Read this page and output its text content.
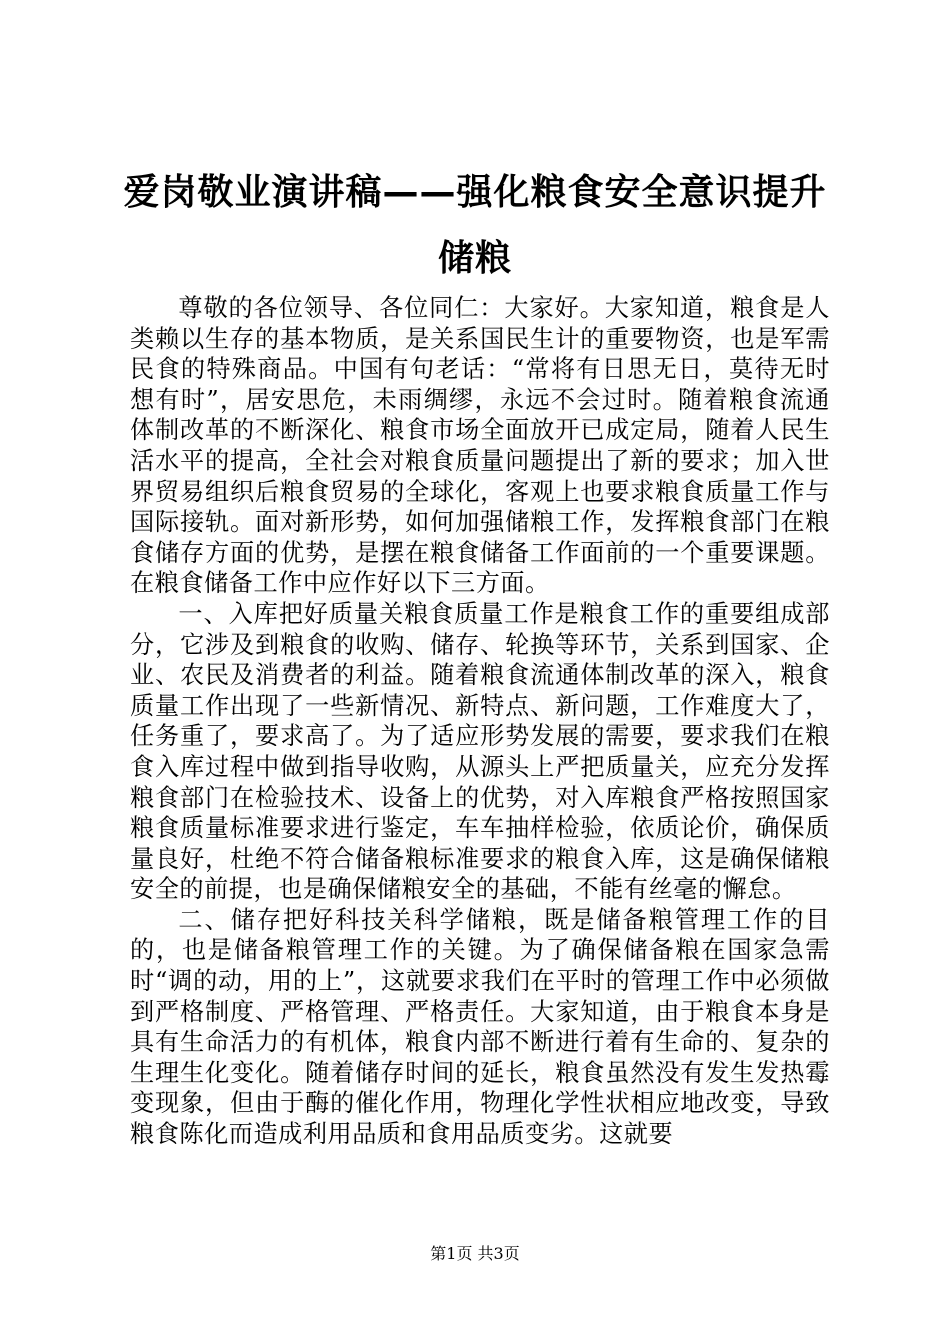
爱岗敬业演讲稿——强化粮食安全意识提升储粮

尊敬的各位领导、各位同仁：大家好。大家知道，粮食是人类赖以生存的基本物质，是关系国民生计的重要物资，也是军需民食的特殊商品。中国有句老话：“常将有日思无日，莫待无时想有时”，居安思危，未雨绸缪，永远不会过时。随着粮食流通体制改革的不断深化、粮食市场全面放开已成定局，随着人民生活水平的提高，全社会对粮食质量问题提出了新的要求；加入世界贸易组织后粮食贸易的全球化，客观上也要求粮食质量工作与国际接轨。面对新形势，如何加强储粮工作，发挥粮食部门在粮食储存方面的优势，是摆在粮食储备工作面前的一个重要课题。在粮食储备工作中应作好以下三方面。

一、入库把好质量关粮食质量工作是粮食工作的重要组成部分，它涉及到粮食的收购、储存、轮换等环节，关系到国家、企业、农民及消费者的利益。随着粮食流通体制改革的深入，粮食质量工作出现了一些新情况、新特点、新问题，工作难度大了，任务重了，要求高了。为了适应形势发展的需要，要求我们在粮食入库过程中做到指导收购，从源头上严把质量关，应充分发挥粮食部门在检验技术、设备上的优势，对入库粮食严格按照国家粮食质量标准要求进行鉴定，车车抽样检验，依质论价，确保质量良好，杜绝不符合储备粮标准要求的粮食入库，这是确保储粮安全的前提，也是确保储粮安全的基础，不能有丝毫的懈怠。

二、储存把好科技关科学储粮，既是储备粮管理工作的目的，也是储备粮管理工作的关键。为了确保储备粮在国家急需时“调的动，用的上”，这就要求我们在平时的管理工作中必须做到严格制度、严格管理、严格责任。大家知道，由于粮食本身是具有生命活力的有机体，粮食内部不断进行着有生命的、复杂的生理生化变化。随着储存时间的延长，粮食虽然没有发生发热霉变现象，但由于酶的催化作用，物理化学性状相应地改变，导致粮食陈化而造成利用品质和食用品质变劣。这就要

第1页 共3页
